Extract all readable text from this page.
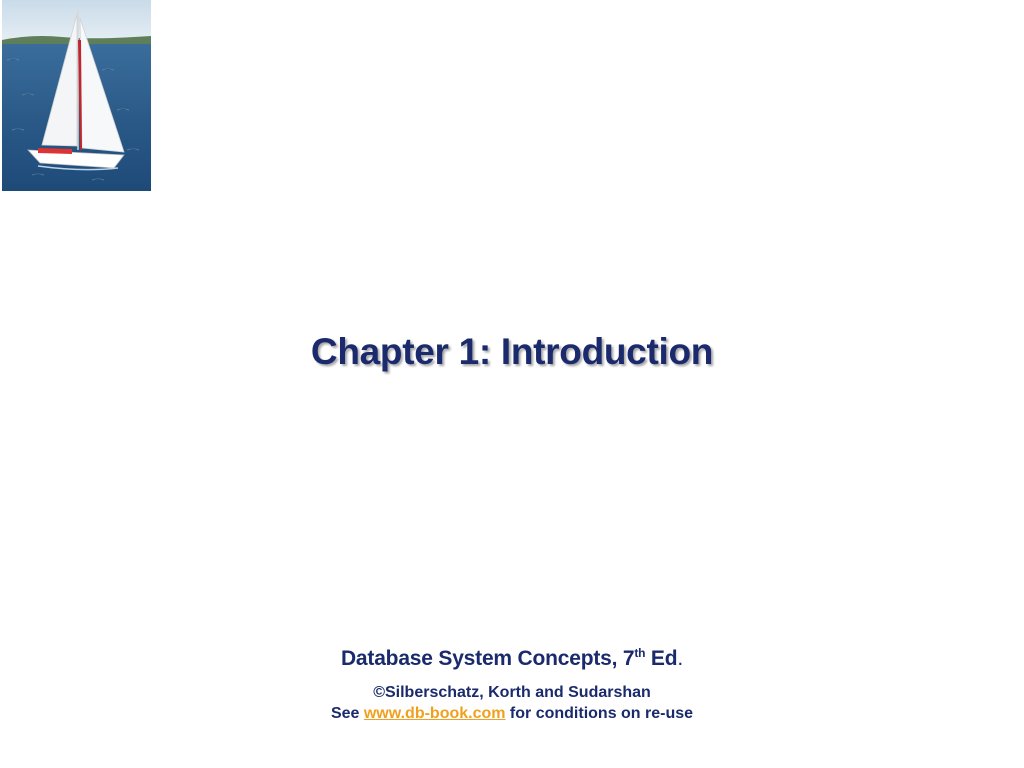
Chapter 1: Introduction
Database System Concepts, 7th Ed.
©Silberschatz, Korth and Sudarshan
See www.db-book.com for conditions on re-use
